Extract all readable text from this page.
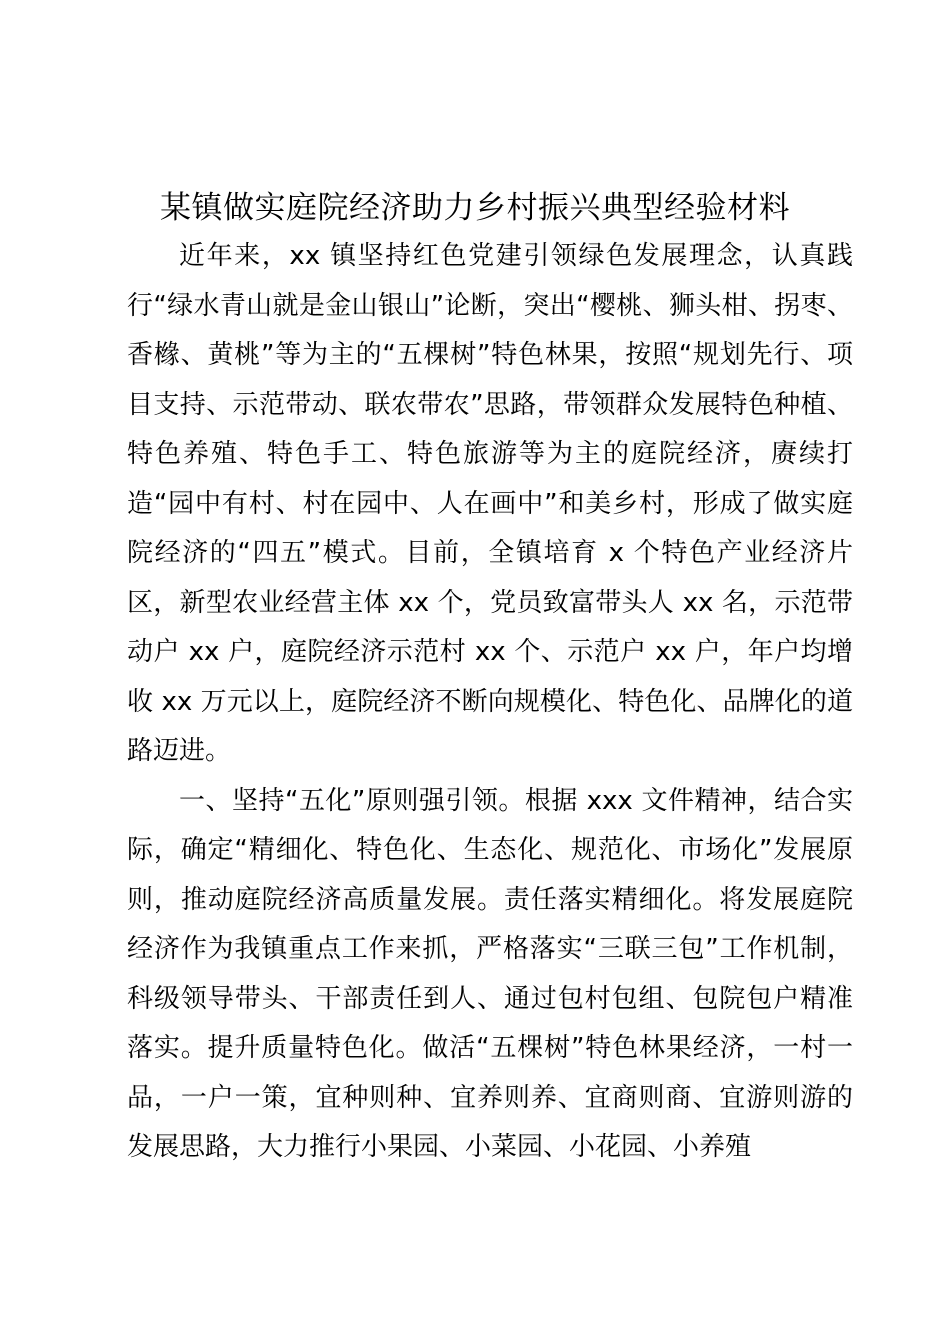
某镇做实庭院经济助力乡村振兴典型经验材料

近年来，xx 镇坚持红色党建引领绿色发展理念，认真践行“绿水青山就是金山银山”论断，突出“樱桃、狮头柑、拐枣、香橼、黄桃”等为主的“五棵树”特色林果，按照“规划先行、项目支持、示范带动、联农带农”思路，带领群众发展特色种植、特色养殖、特色手工、特色旅游等为主的庭院经济，赓续打造“园中有村、村在园中、人在画中”和美乡村，形成了做实庭院经济的“四五”模式。目前，全镇培育 x 个特色产业经济片区，新型农业经营主体 xx 个，党员致富带头人 xx 名，示范带动户 xx 户，庭院经济示范村 xx 个、示范户 xx 户，年户均增收 xx 万元以上，庭院经济不断向规模化、特色化、品牌化的道路迈进。

一、坚持“五化”原则强引领。根据 xxx 文件精神，结合实际，确定“精细化、特色化、生态化、规范化、市场化”发展原则，推动庭院经济高质量发展。责任落实精细化。将发展庭院经济作为我镇重点工作来抓，严格落实“三联三包”工作机制，科级领导带头、干部责任到人、通过包村包组、包院包户精准落实。提升质量特色化。做活“五棵树”特色林果经济，一村一品，一户一策，宜种则种、宜养则养、宜商则商、宜游则游的发展思路，大力推行小果园、小菜园、小花园、小养殖
